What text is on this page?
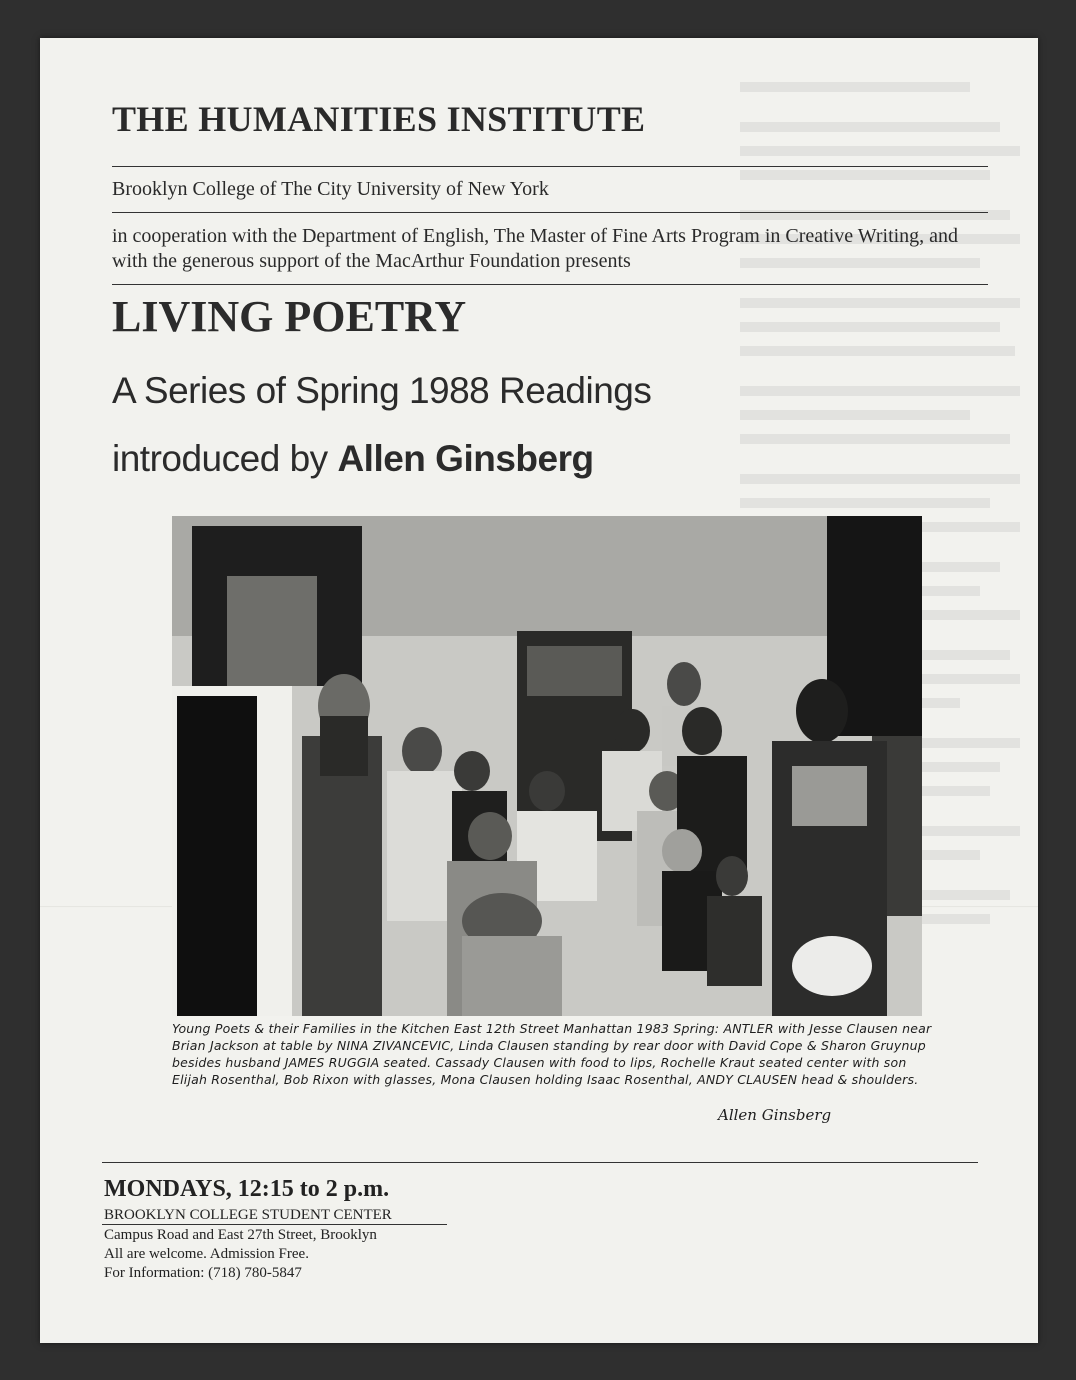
THE HUMANITIES INSTITUTE

Brooklyn College of The City University of New York

in cooperation with the Department of English, The Master of Fine Arts Program in Creative Writing, and with the generous support of the MacArthur Foundation presents

LIVING POETRY

A Series of Spring 1988 Readings

introduced by Allen Ginsberg

Young Poets & their Families in the Kitchen East 12th Street Manhattan 1983 Spring: ANTLER with Jesse Clausen near Brian Jackson at table by NINA ZIVANCEVIC, Linda Clausen standing by rear door with David Cope & Sharon Gruynup besides husband JAMES RUGGIA seated. Cassady Clausen with food to lips, Rochelle Kraut seated center with son Elijah Rosenthal, Bob Rixon with glasses, Mona Clausen holding Isaac Rosenthal, ANDY CLAUSEN head & shoulders.

Allen Ginsberg

MONDAYS, 12:15 to 2 p.m.

BROOKLYN COLLEGE STUDENT CENTER

Campus Road and East 27th Street, Brooklyn

All are welcome. Admission Free.

For Information: (718) 780-5847
